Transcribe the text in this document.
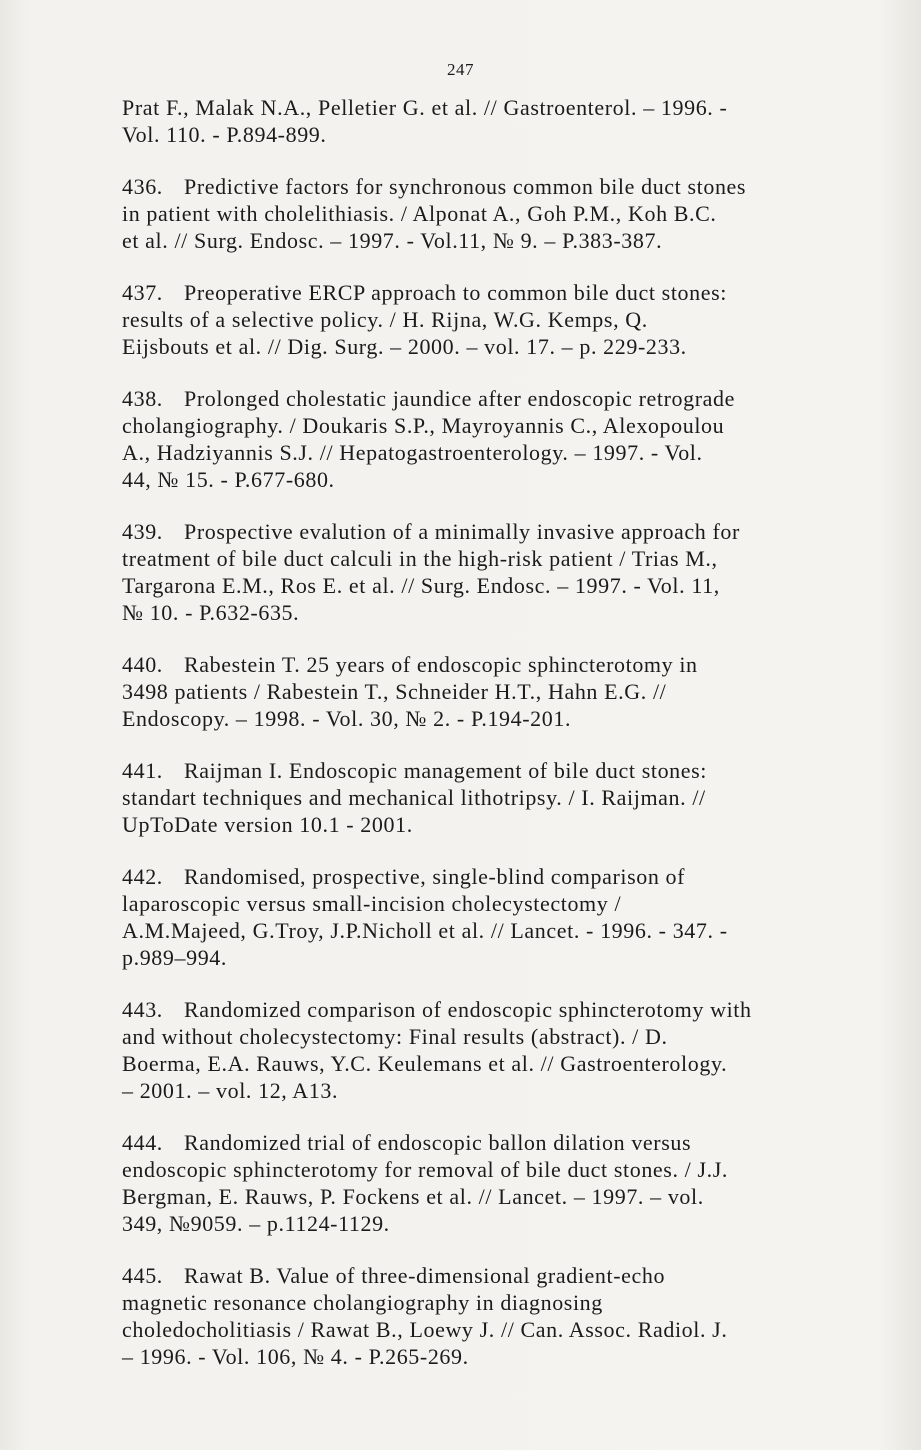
247

Prat F., Malak N.A., Pelletier G. et al. // Gastroenterol. – 1996. -

Vol. 110. - P.894-899.

436. Predictive factors for synchronous common bile duct stones

in patient with cholelithiasis. / Alponat A., Goh P.M., Koh B.C.

et al. // Surg. Endosc. – 1997. - Vol.11, № 9. – P.383-387.

437. Preoperative ERCP approach to common bile duct stones:

results of a selective policy. / H. Rijna, W.G. Kemps, Q.

Eijsbouts et al. // Dig. Surg. – 2000. – vol. 17. – p. 229-233.

438. Prolonged cholestatic jaundice after endoscopic retrograde

cholangiography. / Doukaris S.P., Mayroyannis C., Alexopoulou

A., Hadziyannis S.J. // Hepatogastroenterology. – 1997. - Vol.

44, № 15. - P.677-680.

439. Prospective evalution of a minimally invasive approach for

treatment of bile duct calculi in the high-risk patient / Trias M.,

Targarona E.M., Ros E. et al. // Surg. Endosc. – 1997. - Vol. 11,

№ 10. - P.632-635.

440. Rabestein T. 25 years of endoscopic sphincterotomy in

3498 patients / Rabestein T., Schneider H.T., Hahn E.G. //

Endoscopy. – 1998. - Vol. 30, № 2. - P.194-201.

441. Raijman I. Endoscopic management of bile duct stones:

standart techniques and mechanical lithotripsy. / I. Raijman. //

UpToDate version 10.1 - 2001.

442. Randomised, prospective, single-blind comparison of

laparoscopic versus small-incision cholecystectomy /

A.M.Majeed, G.Troy, J.P.Nicholl et al. // Lancet. - 1996. - 347. -

p.989–994.

443. Randomized comparison of endoscopic sphincterotomy with

and without cholecystectomy: Final results (abstract). / D.

Boerma, E.A. Rauws, Y.C. Keulemans et al. // Gastroenterology.

– 2001. – vol. 12, A13.

444. Randomized trial of endoscopic ballon dilation versus

endoscopic sphincterotomy for removal of bile duct stones. / J.J.

Bergman, E. Rauws, P. Fockens et al. // Lancet. – 1997. – vol.

349, №9059. – p.1124-1129.

445. Rawat B. Value of three-dimensional gradient-echo

magnetic resonance cholangiography in diagnosing

choledocholitiasis / Rawat B., Loewy J. // Can. Assoc. Radiol. J.

– 1996. - Vol. 106, № 4. - P.265-269.
